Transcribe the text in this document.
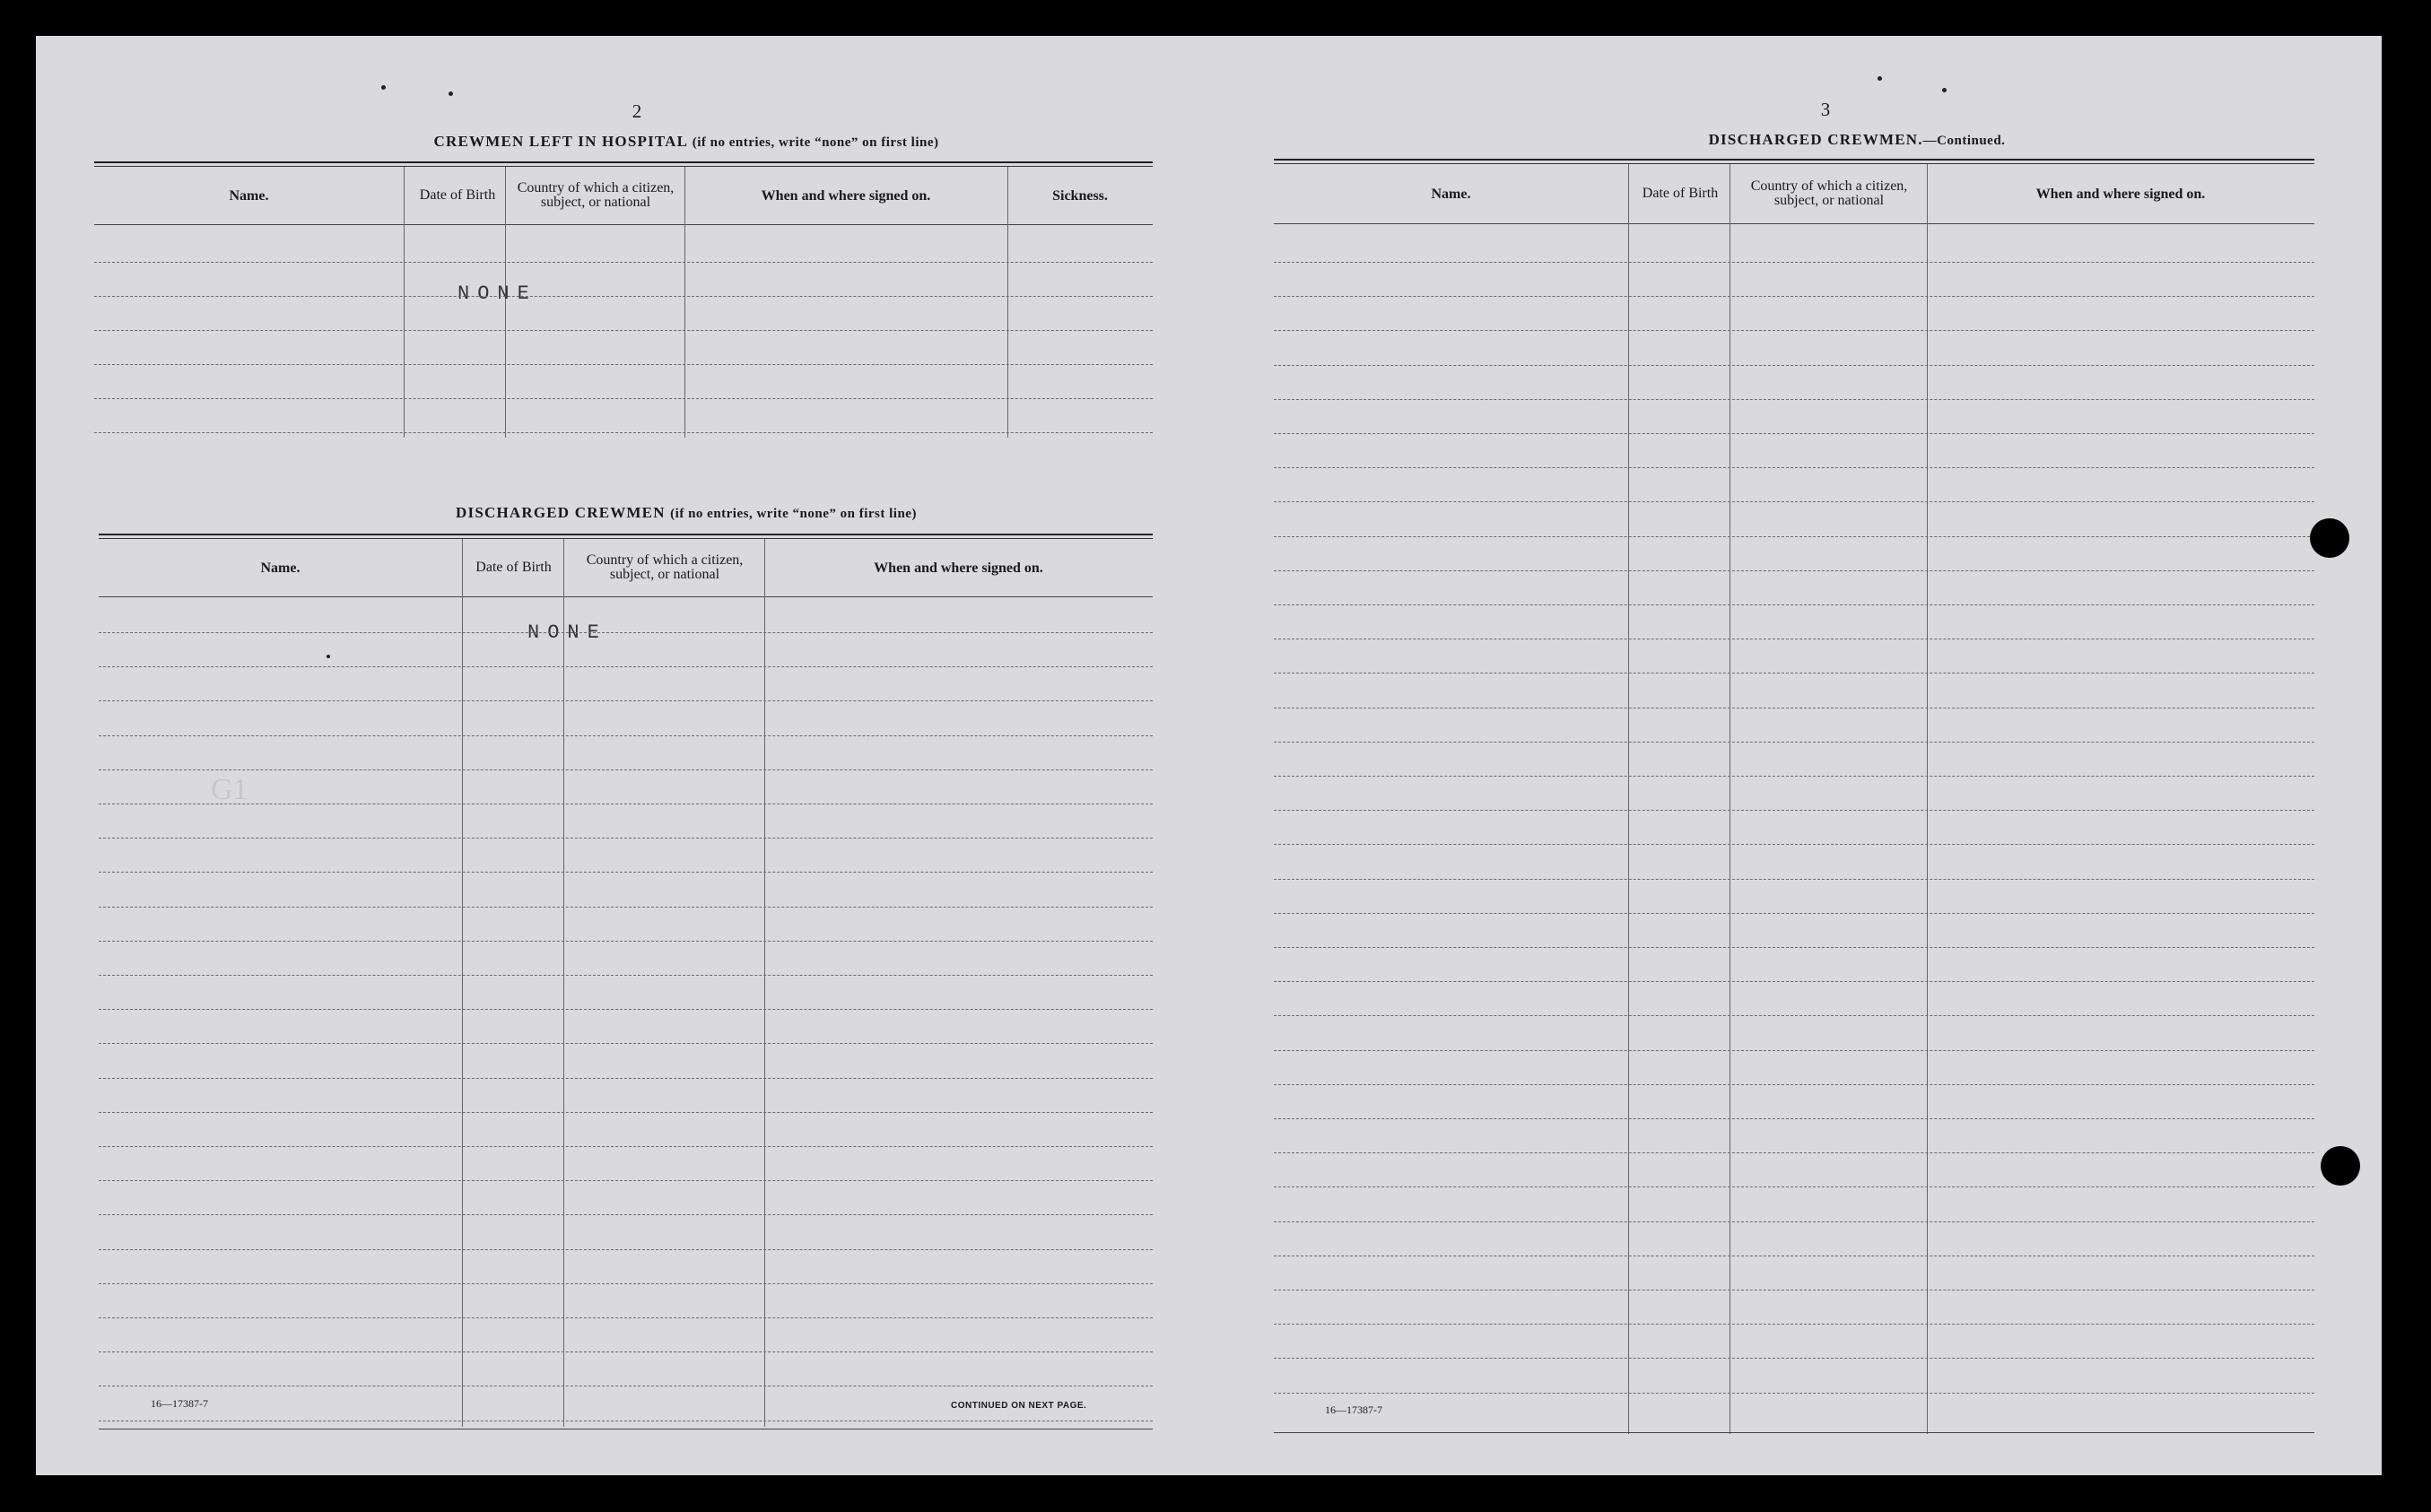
2
CREWMEN LEFT IN HOSPITAL (if no entries, write “none” on first line)
Name.	Date of Birth	Country of which a citizen, subject, or national	When and where signed on.	Sickness.
NONE
DISCHARGED CREWMEN (if no entries, write “none” on first line)
Name.	Date of Birth	Country of which a citizen, subject, or national	When and where signed on.
NONE
G1
16—17387-7	CONTINUED ON NEXT PAGE.
3
DISCHARGED CREWMEN.—Continued.
Name.	Date of Birth	Country of which a citizen, subject, or national	When and where signed on.
16—17387-7
